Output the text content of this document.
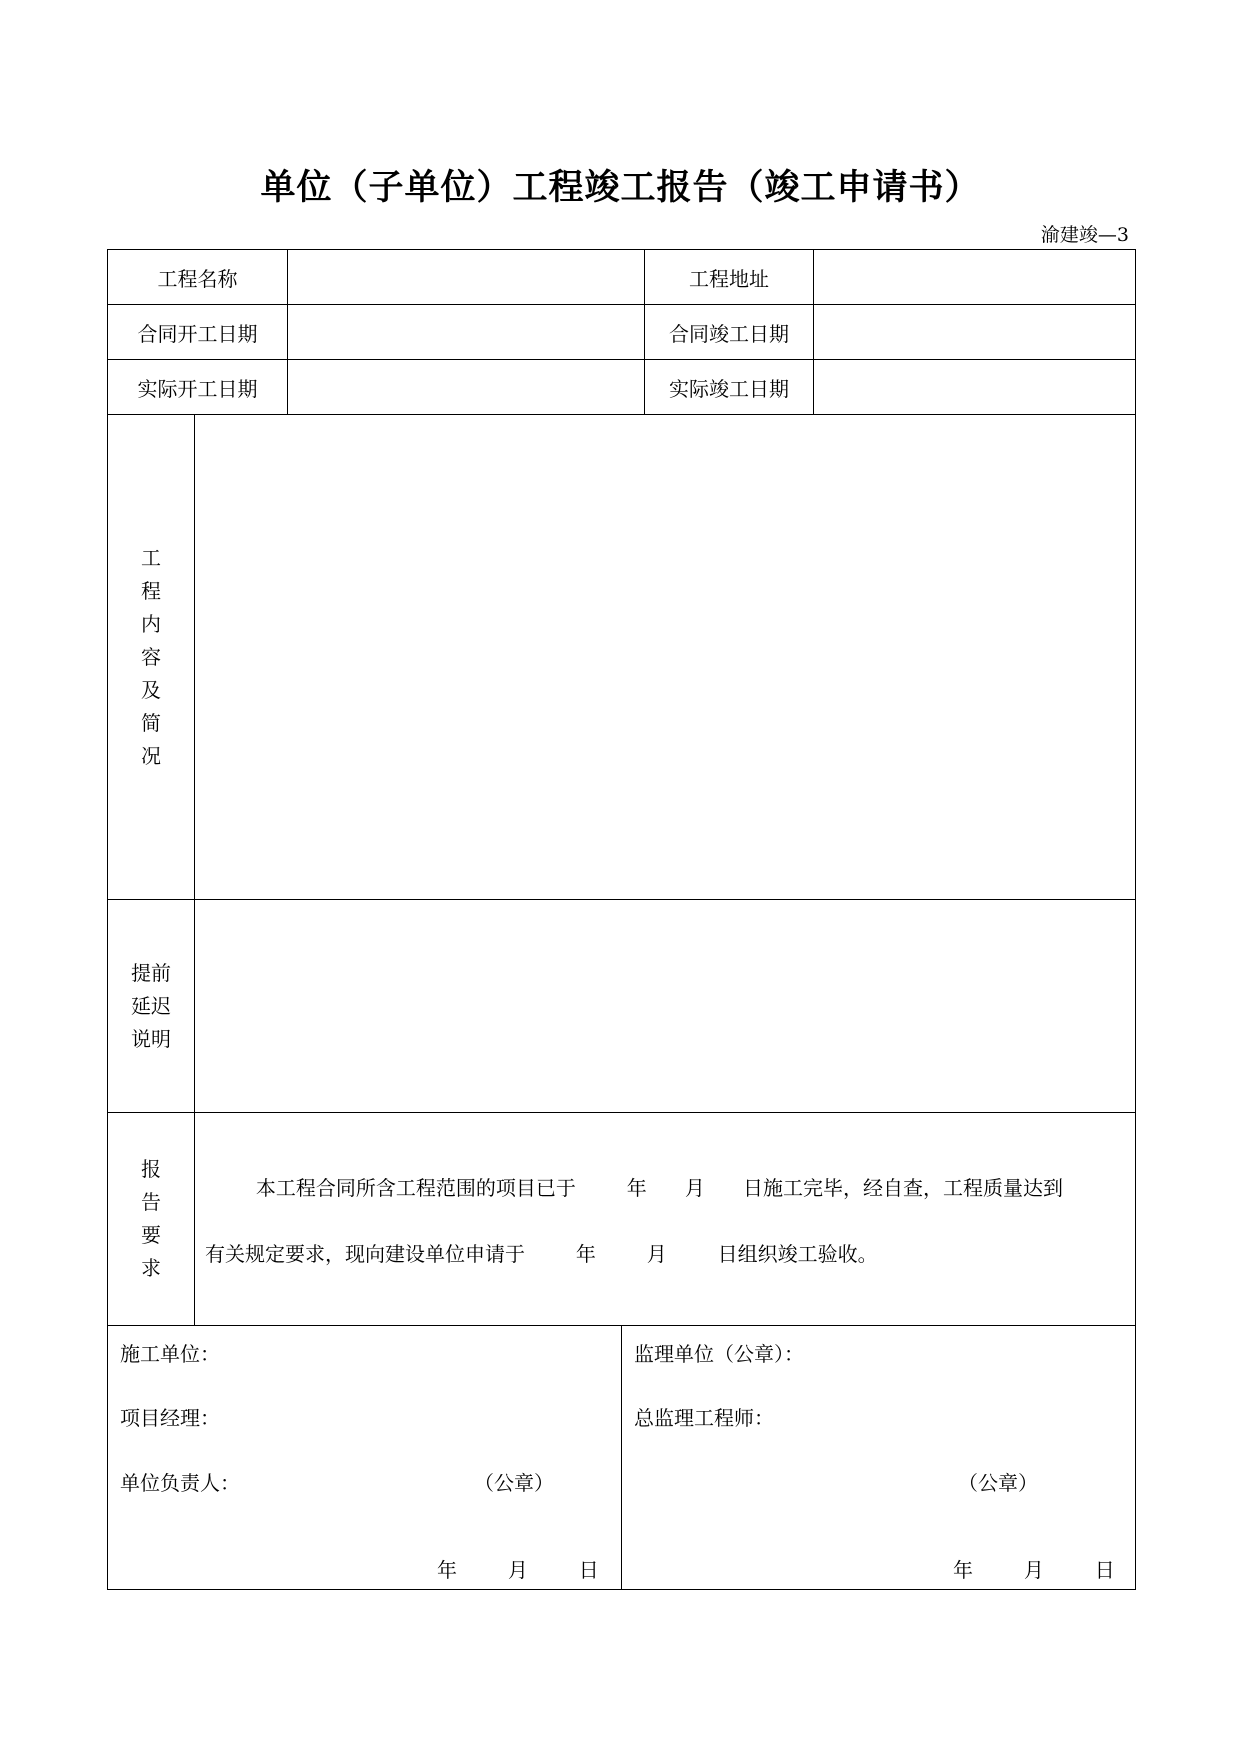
单位（子单位）工程竣工报告（竣工申请书）
渝建竣—3
工程名称	工程地址
合同开工日期	合同竣工日期
实际开工日期	实际竣工日期
工
程
内
容
及
简
况
提前
延迟
说明
报
告
要
求
本工程合同所含工程范围的项目已于        年      月      日施工完毕，经自查，工程质量达到
有关规定要求，现向建设单位申请于        年        月        日组织竣工验收。
施工单位：
项目经理：
单位负责人：	（公章）
年        月        日
监理单位（公章）：
总监理工程师：
（公章）
年        月        日
